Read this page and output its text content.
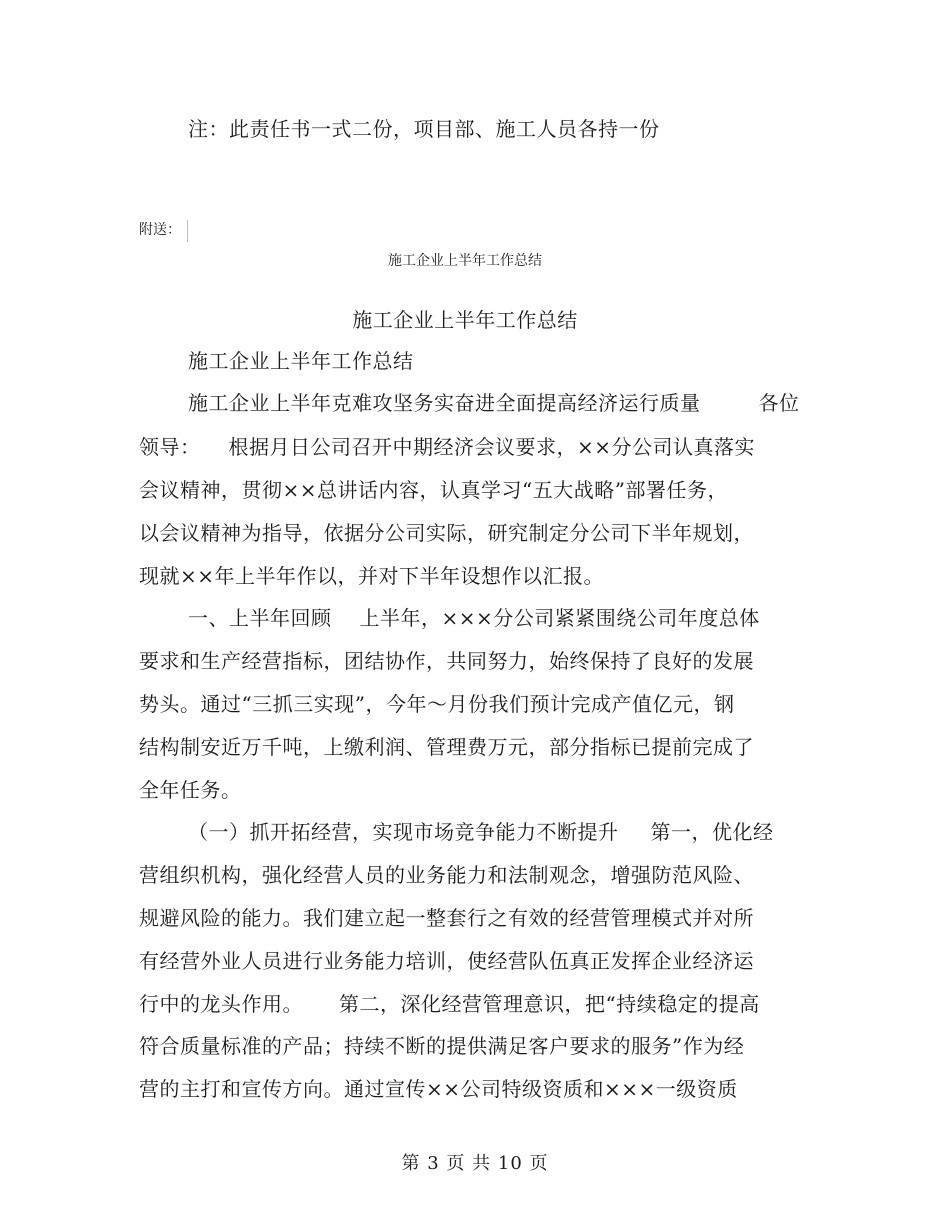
注：此责任书一式二份，项目部、施工人员各持一份
附送：
施工企业上半年工作总结
施工企业上半年工作总结
施工企业上半年工作总结
施工企业上半年克难攻坚务实奋进全面提高经济运行质量	各位
领导： 根据月日公司召开中期经济会议要求，××分公司认真落实
会议精神，贯彻××总讲话内容，认真学习“五大战略”部署任务，
以会议精神为指导，依据分公司实际，研究制定分公司下半年规划，
现就××年上半年作以，并对下半年设想作以汇报。
一、上半年回顾 上半年，×××分公司紧紧围绕公司年度总体
要求和生产经营指标，团结协作，共同努力，始终保持了良好的发展
势头。通过“三抓三实现”，今年～月份我们预计完成产值亿元，钢
结构制安近万千吨，上缴利润、管理费万元，部分指标已提前完成了
全年任务。
（一）抓开拓经营，实现市场竞争能力不断提升 第一，优化经
营组织机构，强化经营人员的业务能力和法制观念，增强防范风险、
规避风险的能力。我们建立起一整套行之有效的经营管理模式并对所
有经营外业人员进行业务能力培训，使经营队伍真正发挥企业经济运
行中的龙头作用。 第二，深化经营管理意识，把“持续稳定的提高
符合质量标准的产品；持续不断的提供满足客户要求的服务”作为经
营的主打和宣传方向。通过宣传××公司特级资质和×××一级资质
第 3 页 共 10 页
